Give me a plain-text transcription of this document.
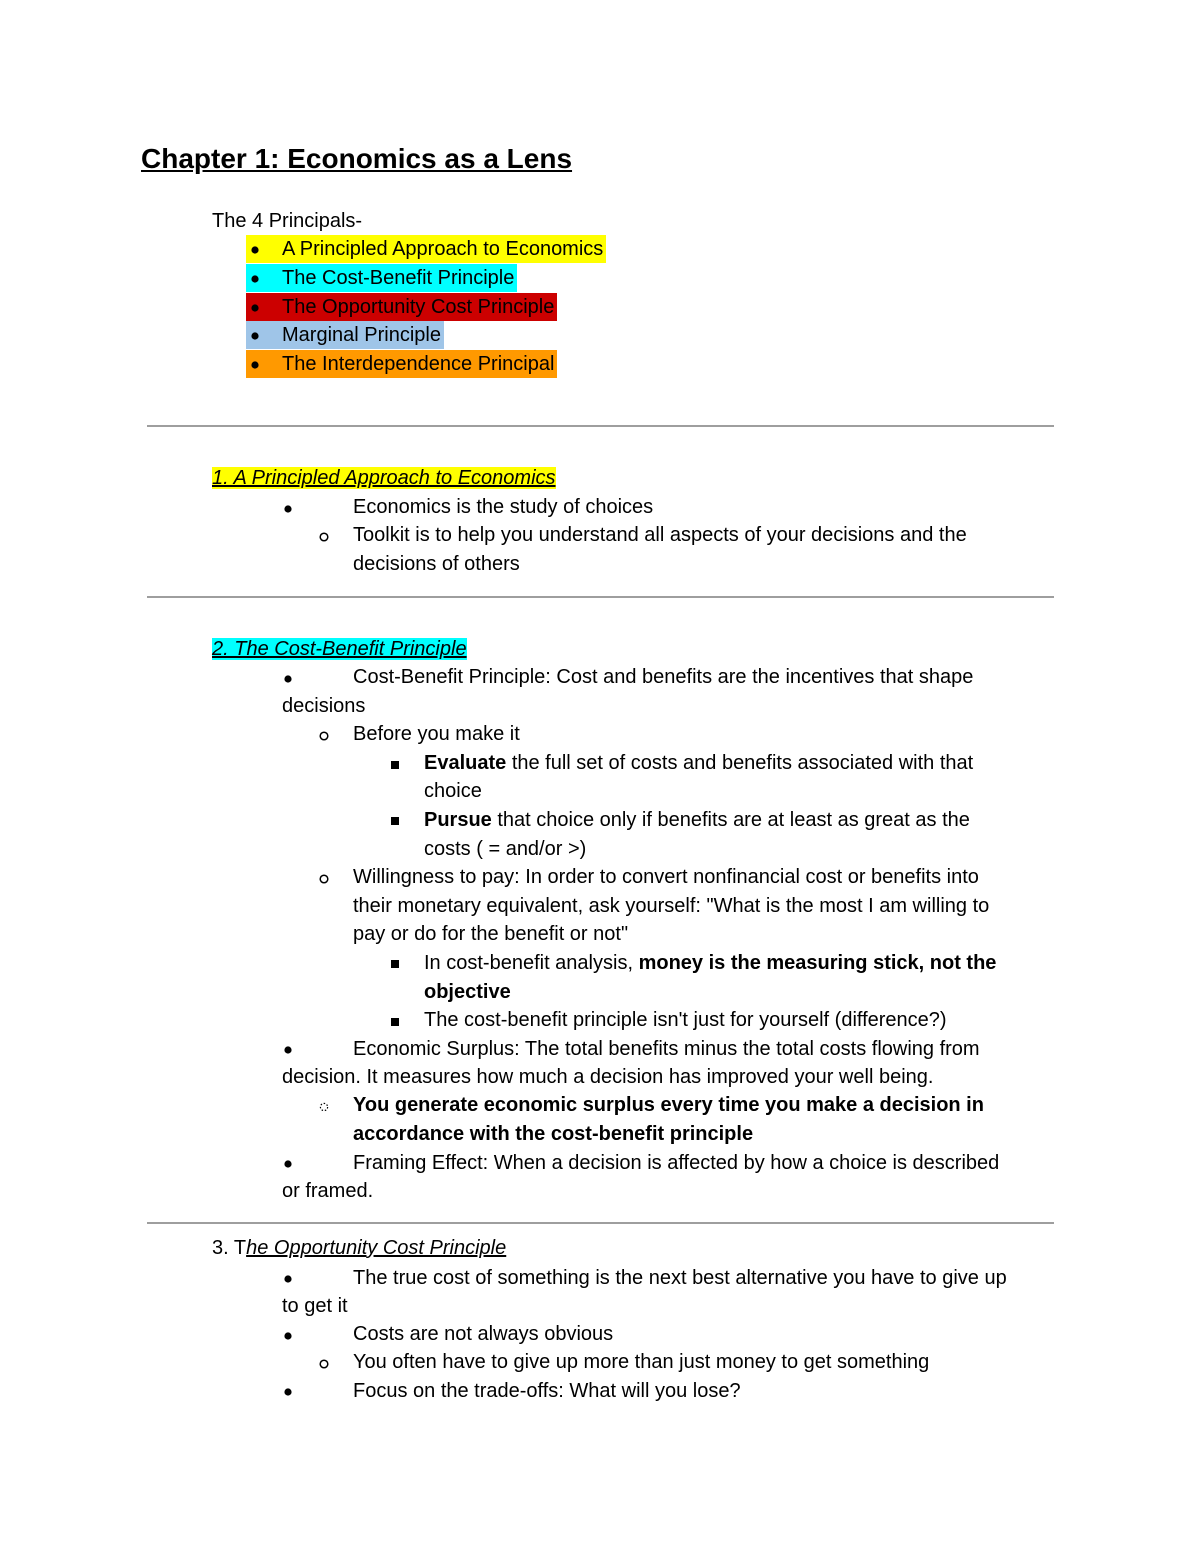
Chapter 1: Economics as a Lens
The 4 Principals-
A Principled Approach to Economics
The Cost-Benefit Principle
The Opportunity Cost Principle
Marginal Principle
The Interdependence Principal
1. A Principled Approach to Economics
Economics is the study of choices
Toolkit is to help you understand all aspects of your decisions and the
decisions of others
2. The Cost-Benefit Principle
Cost-Benefit Principle: Cost and benefits are the incentives that shape
decisions
Before you make it
Evaluate the full set of costs and benefits associated with that
choice
Pursue that choice only if benefits are at least as great as the
costs ( = and/or >)
Willingness to pay: In order to convert nonfinancial cost or benefits into
their monetary equivalent, ask yourself: "What is the most I am willing to
pay or do for the benefit or not"
In cost-benefit analysis, money is the measuring stick, not the
objective
The cost-benefit principle isn't just for yourself (difference?)
Economic Surplus: The total benefits minus the total costs flowing from
decision. It measures how much a decision has improved your well being.
You generate economic surplus every time you make a decision in
accordance with the cost-benefit principle
Framing Effect: When a decision is affected by how a choice is described
or framed.
3. The Opportunity Cost Principle
The true cost of something is the next best alternative you have to give up
to get it
Costs are not always obvious
You often have to give up more than just money to get something
Focus on the trade-offs: What will you lose?
